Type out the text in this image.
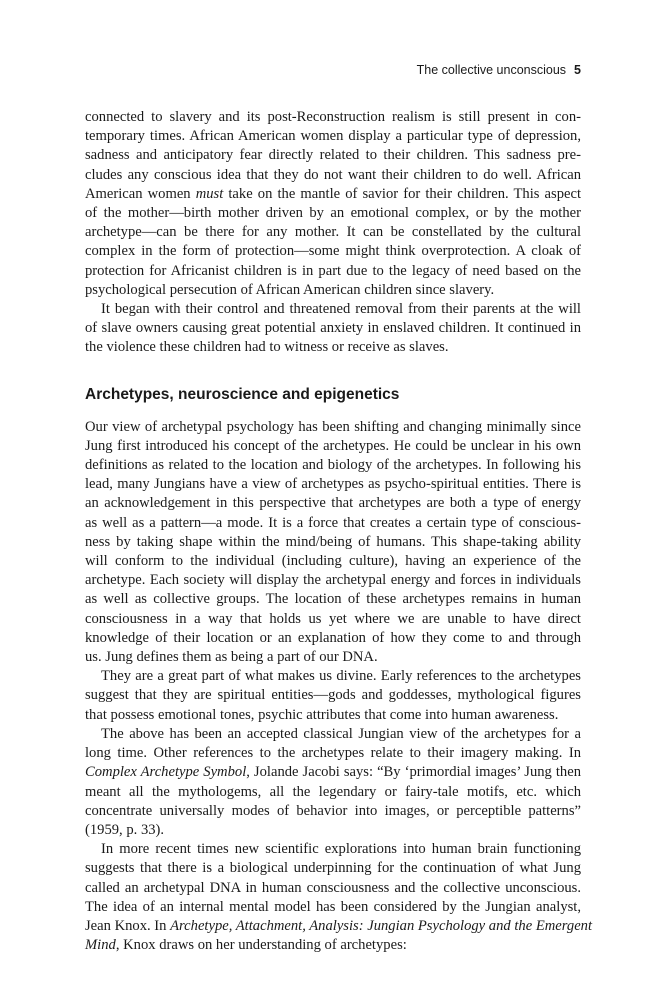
The collective unconscious 5

connected to slavery and its post-Reconstruction realism is still present in con-
temporary times. African American women display a particular type of depression,
sadness and anticipatory fear directly related to their children. This sadness pre-
cludes any conscious idea that they do not want their children to do well. African
American women must take on the mantle of savior for their children. This aspect
of the mother—birth mother driven by an emotional complex, or by the mother
archetype—can be there for any mother. It can be constellated by the cultural
complex in the form of protection—some might think overprotection. A cloak of
protection for Africanist children is in part due to the legacy of need based on the
psychological persecution of African American children since slavery.

It began with their control and threatened removal from their parents at the will
of slave owners causing great potential anxiety in enslaved children. It continued in
the violence these children had to witness or receive as slaves.

Archetypes, neuroscience and epigenetics

Our view of archetypal psychology has been shifting and changing minimally since
Jung first introduced his concept of the archetypes. He could be unclear in his own
definitions as related to the location and biology of the archetypes. In following his
lead, many Jungians have a view of archetypes as psycho-spiritual entities. There is
an acknowledgement in this perspective that archetypes are both a type of energy
as well as a pattern—a mode. It is a force that creates a certain type of conscious-
ness by taking shape within the mind/being of humans. This shape-taking ability
will conform to the individual (including culture), having an experience of the
archetype. Each society will display the archetypal energy and forces in individuals
as well as collective groups. The location of these archetypes remains in human
consciousness in a way that holds us yet where we are unable to have direct
knowledge of their location or an explanation of how they come to and through
us. Jung defines them as being a part of our DNA.

They are a great part of what makes us divine. Early references to the archetypes
suggest that they are spiritual entities—gods and goddesses, mythological figures
that possess emotional tones, psychic attributes that come into human awareness.

The above has been an accepted classical Jungian view of the archetypes for a
long time. Other references to the archetypes relate to their imagery making. In
Complex Archetype Symbol, Jolande Jacobi says: “By ‘primordial images’ Jung then
meant all the mythologems, all the legendary or fairy-tale motifs, etc. which
concentrate universally modes of behavior into images, or perceptible patterns”
(1959, p. 33).

In more recent times new scientific explorations into human brain functioning
suggests that there is a biological underpinning for the continuation of what Jung
called an archetypal DNA in human consciousness and the collective unconscious.
The idea of an internal mental model has been considered by the Jungian analyst,
Jean Knox. In Archetype, Attachment, Analysis: Jungian Psychology and the Emergent
Mind, Knox draws on her understanding of archetypes:
